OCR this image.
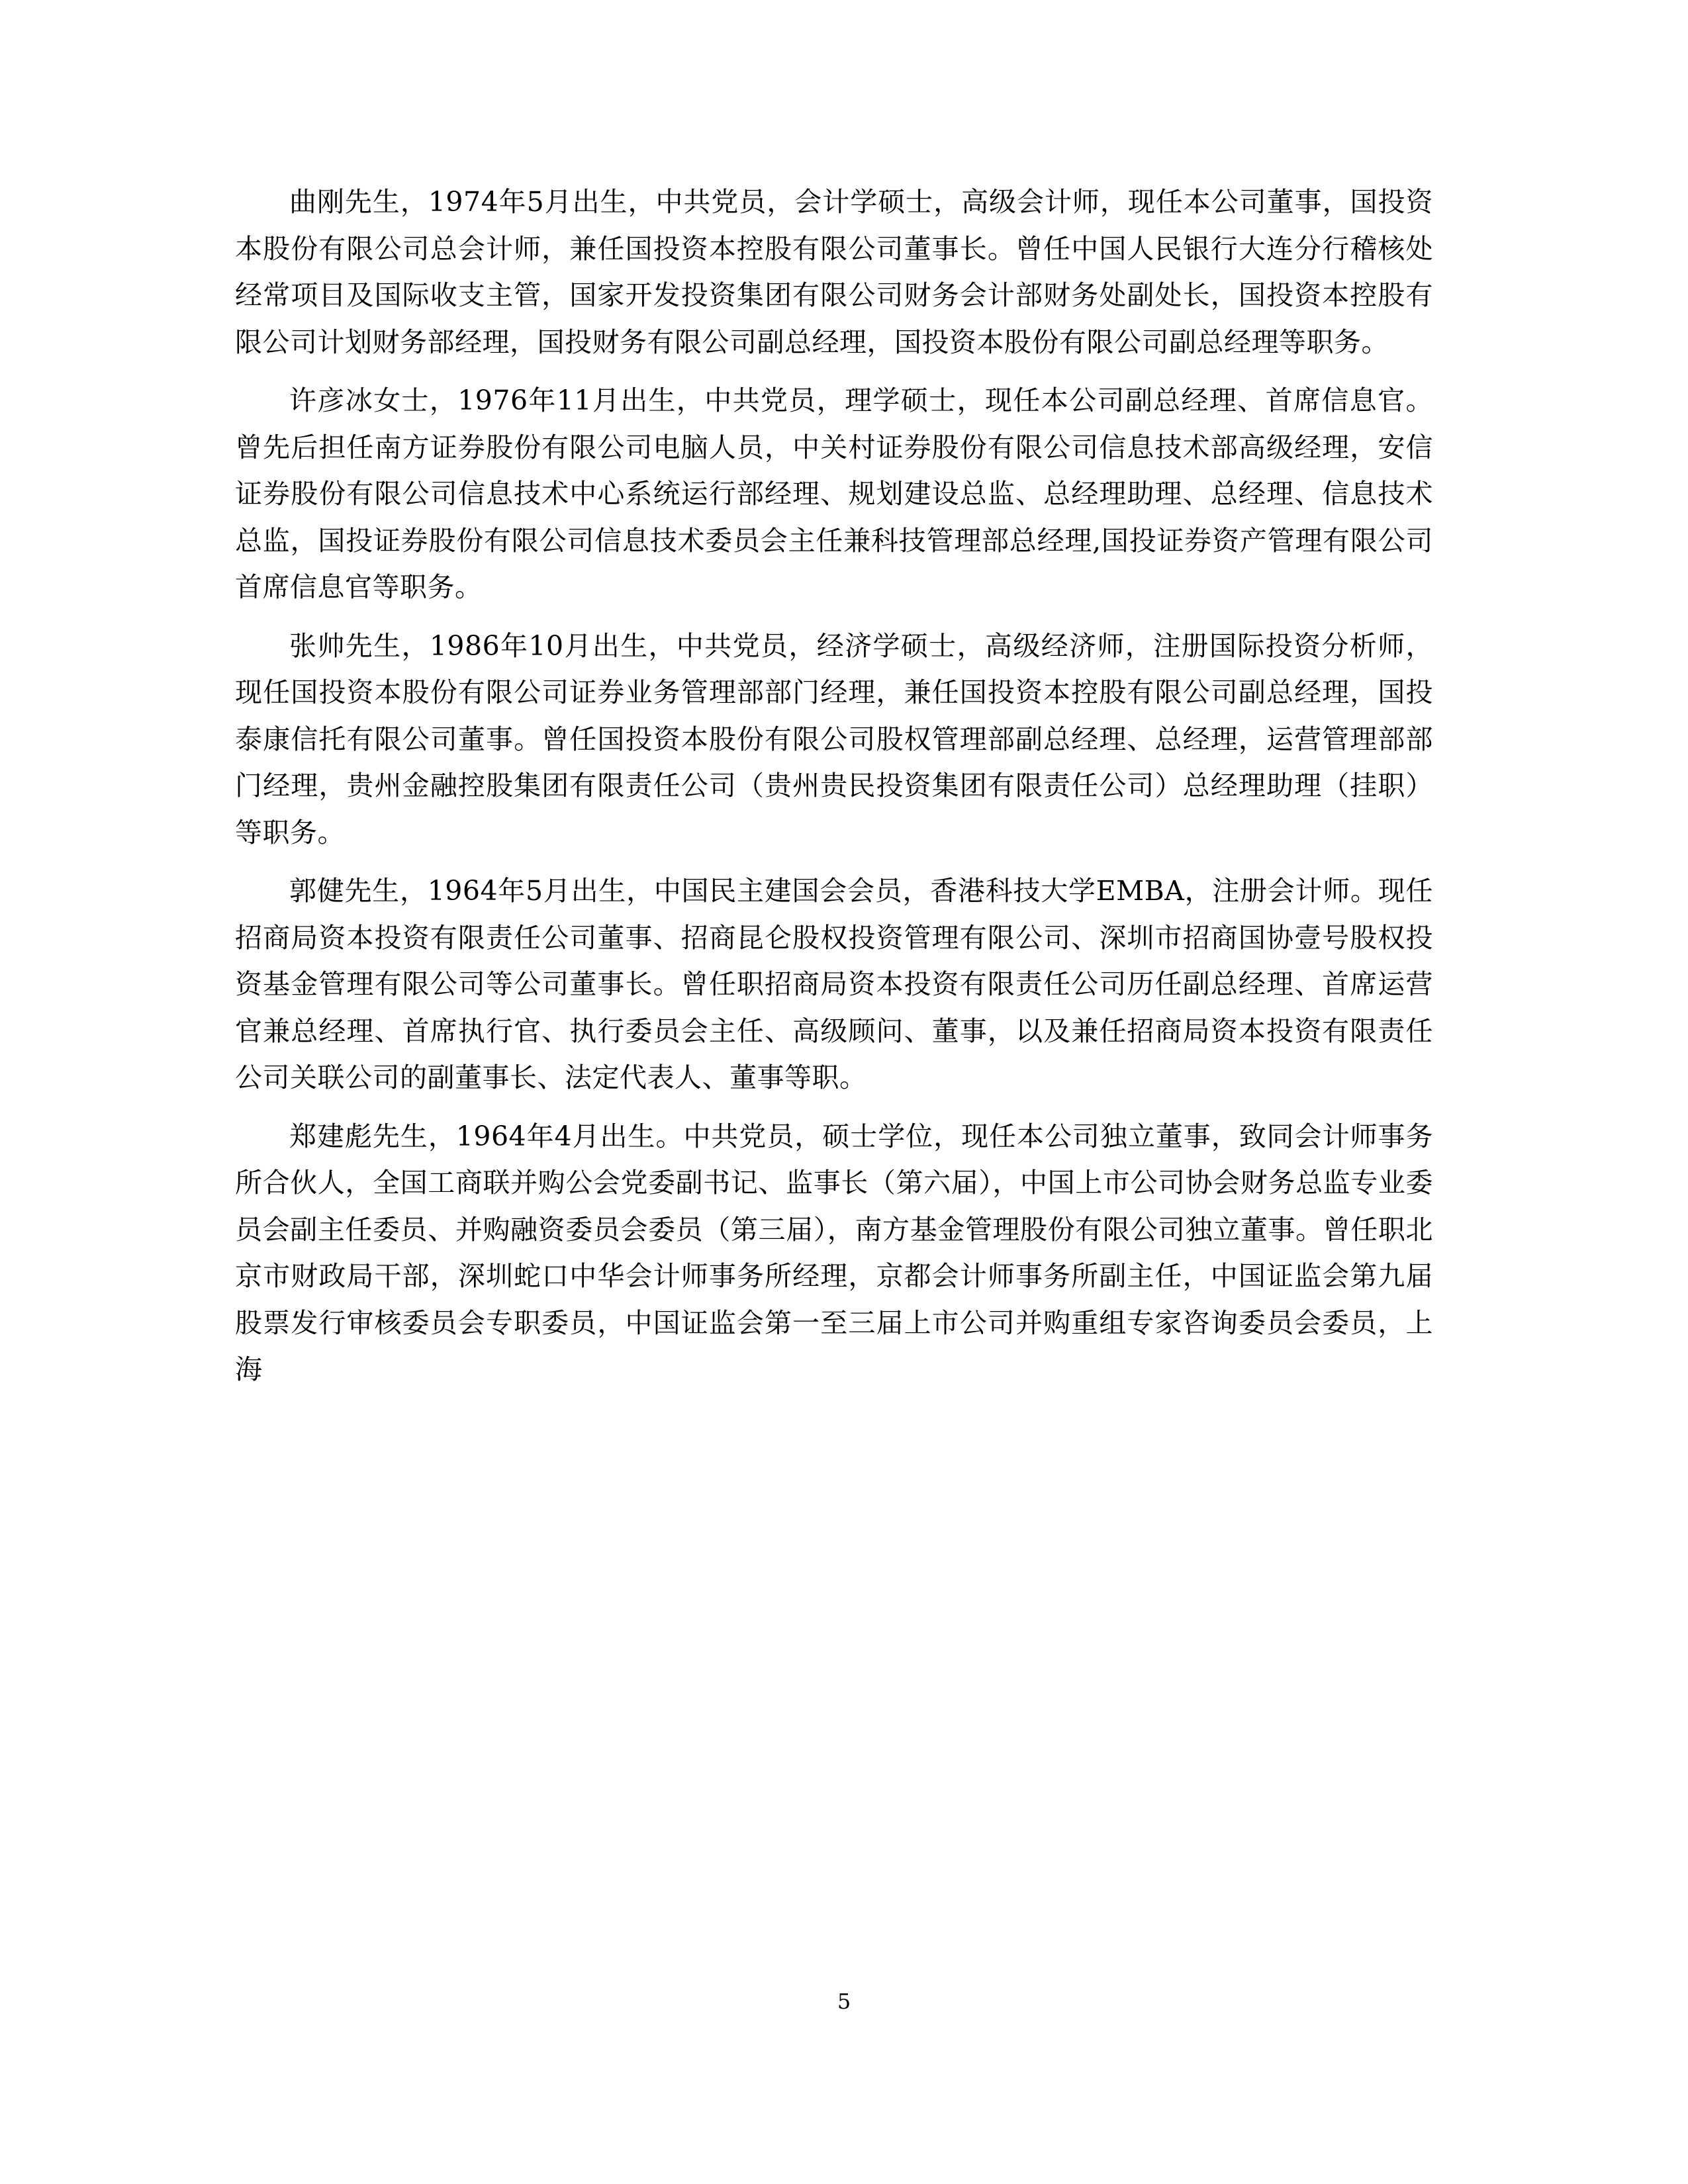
曲刚先生，1974年5月出生，中共党员，会计学硕士，高级会计师，现任本公司董事，国投资本股份有限公司总会计师，兼任国投资本控股有限公司董事长。曾任中国人民银行大连分行稽核处经常项目及国际收支主管，国家开发投资集团有限公司财务会计部财务处副处长，国投资本控股有限公司计划财务部经理，国投财务有限公司副总经理，国投资本股份有限公司副总经理等职务。

许彦冰女士，1976年11月出生，中共党员，理学硕士，现任本公司副总经理、首席信息官。曾先后担任南方证券股份有限公司电脑人员，中关村证券股份有限公司信息技术部高级经理，安信证券股份有限公司信息技术中心系统运行部经理、规划建设总监、总经理助理、总经理、信息技术总监，国投证券股份有限公司信息技术委员会主任兼科技管理部总经理,国投证券资产管理有限公司首席信息官等职务。

张帅先生，1986年10月出生，中共党员，经济学硕士，高级经济师，注册国际投资分析师，现任国投资本股份有限公司证券业务管理部部门经理，兼任国投资本控股有限公司副总经理，国投泰康信托有限公司董事。曾任国投资本股份有限公司股权管理部副总经理、总经理，运营管理部部门经理，贵州金融控股集团有限责任公司（贵州贵民投资集团有限责任公司）总经理助理（挂职）等职务。

郭健先生，1964年5月出生，中国民主建国会会员，香港科技大学EMBA，注册会计师。现任招商局资本投资有限责任公司董事、招商昆仑股权投资管理有限公司、深圳市招商国协壹号股权投资基金管理有限公司等公司董事长。曾任职招商局资本投资有限责任公司历任副总经理、首席运营官兼总经理、首席执行官、执行委员会主任、高级顾问、董事，以及兼任招商局资本投资有限责任公司关联公司的副董事长、法定代表人、董事等职。

郑建彪先生，1964年4月出生。中共党员，硕士学位，现任本公司独立董事，致同会计师事务所合伙人，全国工商联并购公会党委副书记、监事长（第六届），中国上市公司协会财务总监专业委员会副主任委员、并购融资委员会委员（第三届），南方基金管理股份有限公司独立董事。曾任职北京市财政局干部，深圳蛇口中华会计师事务所经理，京都会计师事务所副主任，中国证监会第九届股票发行审核委员会专职委员，中国证监会第一至三届上市公司并购重组专家咨询委员会委员，上海

5
